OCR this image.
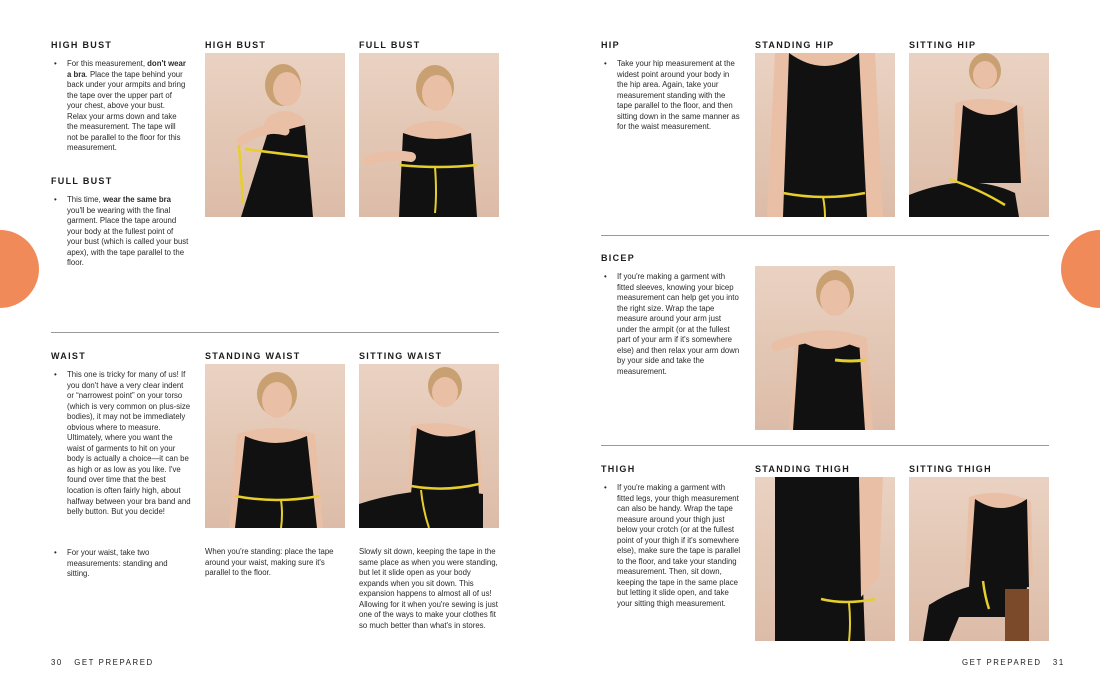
HIGH BUST
• For this measurement, don't wear a bra. Place the tape behind your back under your armpits and bring the tape over the upper part of your chest, above your bust. Relax your arms down and take the measurement. The tape will not be parallel to the floor for this measurement.
FULL BUST
• This time, wear the same bra you'll be wearing with the final garment. Place the tape around your body at the fullest point of your bust (which is called your bust apex), with the tape parallel to the floor.
HIGH BUST	FULL BUST
WAIST
• This one is tricky for many of us! If you don't have a very clear indent or “narrowest point” on your torso (which is very common on plus-size bodies), it may not be immediately obvious where to measure. Ultimately, where you want the waist of garments to hit on your body is actually a choice—it can be as high or as low as you like. I've found over time that the best location is often fairly high, about halfway between your bra band and belly button. But you decide!
• For your waist, take two measurements: standing and sitting.
STANDING WAIST	SITTING WAIST
When you're standing: place the tape around your waist, making sure it's parallel to the floor.
Slowly sit down, keeping the tape in the same place as when you were standing, but let it slide open as your body expands when you sit down. This expansion happens to almost all of us! Allowing for it when you're sewing is just one of the ways to make your clothes fit so much better than what's in stores.
30 GET PREPARED
HIP
• Take your hip measurement at the widest point around your body in the hip area. Again, take your measurement standing with the tape parallel to the floor, and then sitting down in the same manner as for the waist measurement.
STANDING HIP	SITTING HIP
BICEP
• If you're making a garment with fitted sleeves, knowing your bicep measurement can help get you into the right size. Wrap the tape measure around your arm just under the armpit (or at the fullest part of your arm if it's somewhere else) and then relax your arm down by your side and take the measurement.
THIGH
• If you're making a garment with fitted legs, your thigh measurement can also be handy. Wrap the tape measure around your thigh just below your crotch (or at the fullest point of your thigh if it's somewhere else), make sure the tape is parallel to the floor, and take your standing measurement. Then, sit down, keeping the tape in the same place but letting it slide open, and take your sitting thigh measurement.
STANDING THIGH	SITTING THIGH
GET PREPARED 31
